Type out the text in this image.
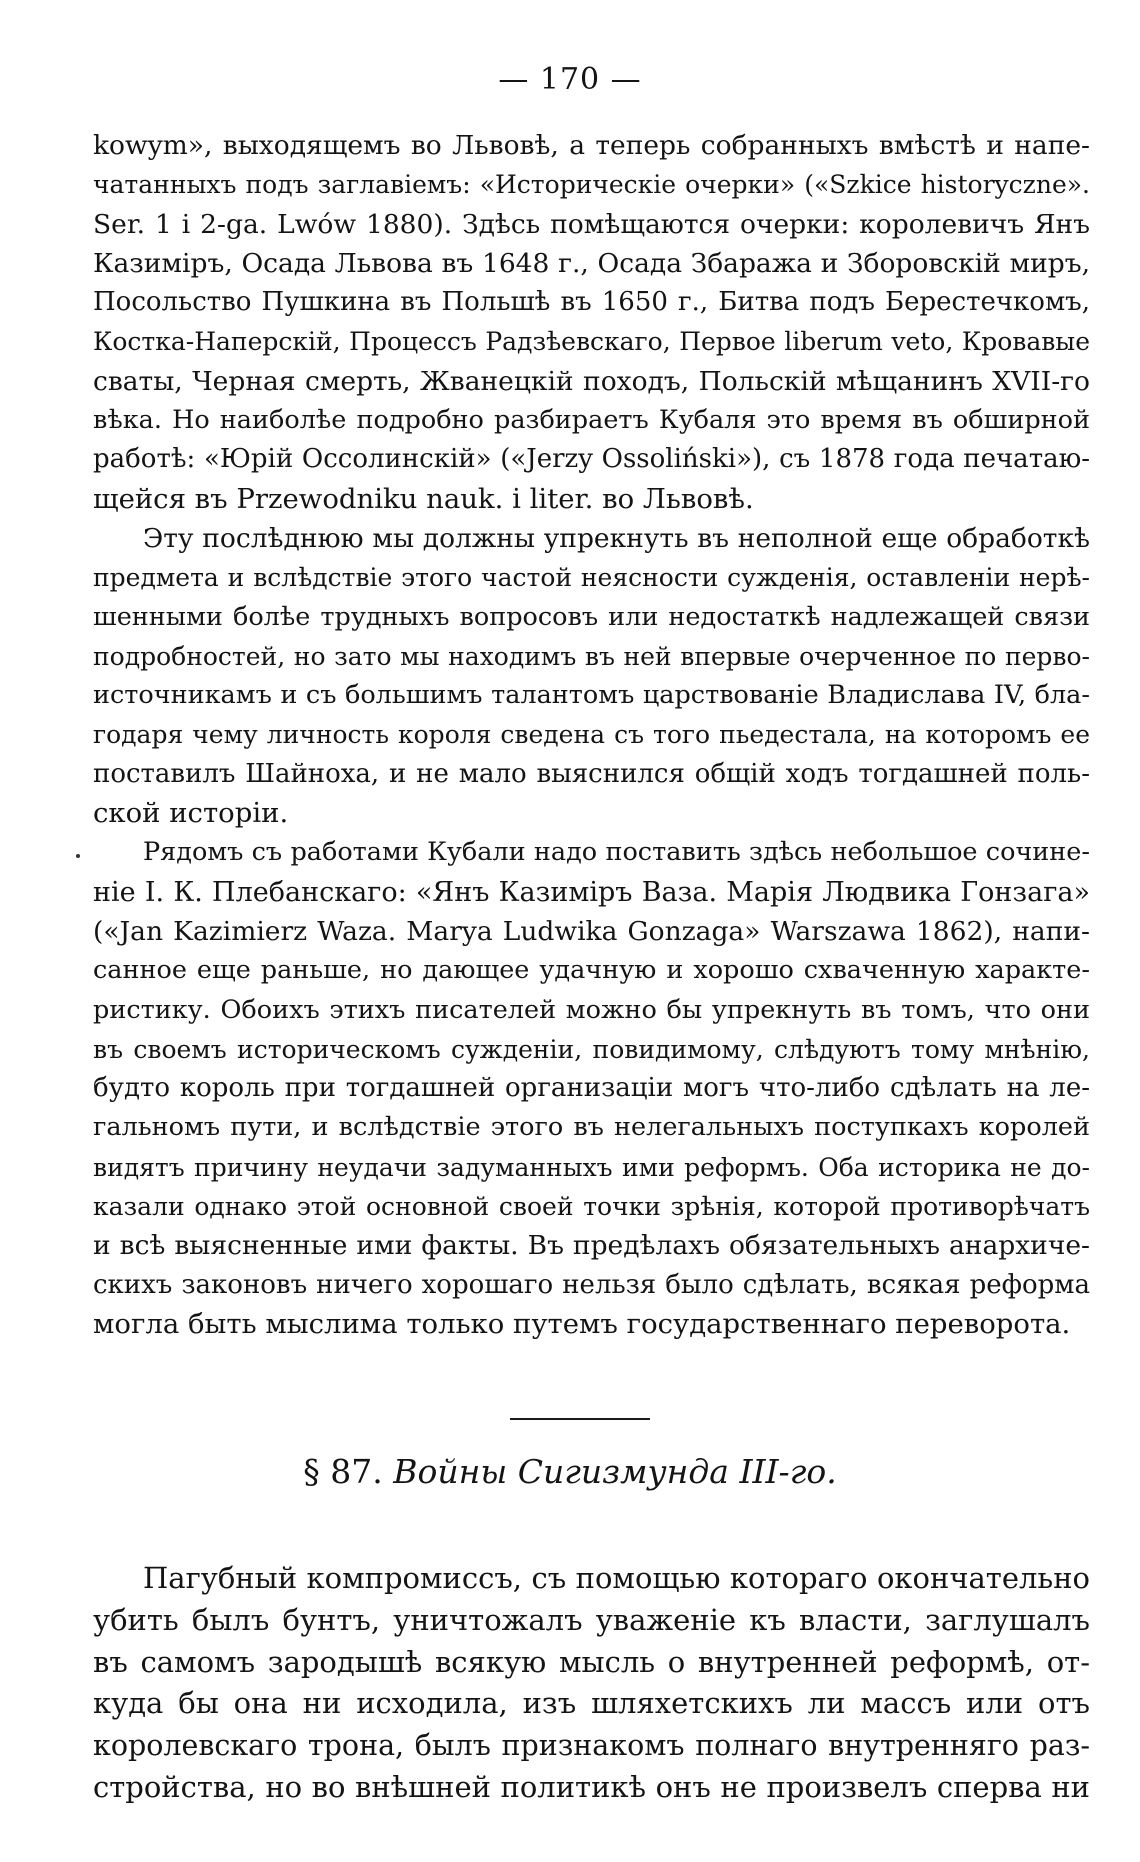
— 170 —
kowym», выходящемъ во Львовѣ, а теперь собранныхъ вмѣстѣ и напе-
чатанныхъ подъ заглавіемъ: «Историческіе очерки» («Szkice historyczne».
Ser. 1 i 2-ga. Lwów 1880). Здѣсь помѣщаются очерки: королевичъ Янъ
Казиміръ, Осада Львова въ 1648 г., Осада Збаража и Зборовскій миръ,
Посольство Пушкина въ Польшѣ въ 1650 г., Битва подъ Берестечкомъ,
Костка-Наперскій, Процессъ Радзѣевскаго, Первое liberum veto, Кровавые
сваты, Черная смерть, Жванецкій походъ, Польскій мѣщанинъ XVII-го
вѣка. Но наиболѣе подробно разбираетъ Кубаля это время въ обширной
работѣ: «Юрій Оссолинскій» («Jerzy Ossoliński»), съ 1878 года печатаю-
щейся въ Przewodniku nauk. i liter. во Львовѣ.
Эту послѣднюю мы должны упрекнуть въ неполной еще обработкѣ
предмета и вслѣдствіе этого частой неясности сужденія, оставленіи нерѣ-
шенными болѣе трудныхъ вопросовъ или недостаткѣ надлежащей связи
подробностей, но зато мы находимъ въ ней впервые очерченное по перво-
источникамъ и съ большимъ талантомъ царствованіе Владислава IV, бла-
годаря чему личность короля сведена съ того пьедестала, на которомъ ее
поставилъ Шайноха, и не мало выяснился общій ходъ тогдашней поль-
ской исторіи.
Рядомъ съ работами Кубали надо поставить здѣсь небольшое сочине-
ніе І. К. Плебанскаго: «Янъ Казиміръ Ваза. Марія Людвика Гонзага»
(«Jan Kazimierz Waza. Marya Ludwika Gonzaga» Warszawa 1862), напи-
санное еще раньше, но дающее удачную и хорошо схваченную характе-
ристику. Обоихъ этихъ писателей можно бы упрекнуть въ томъ, что они
въ своемъ историческомъ сужденіи, повидимому, слѣдуютъ тому мнѣнію,
будто король при тогдашней организаціи могъ что-либо сдѣлать на ле-
гальномъ пути, и вслѣдствіе этого въ нелегальныхъ поступкахъ королей
видятъ причину неудачи задуманныхъ ими реформъ. Оба историка не до-
казали однако этой основной своей точки зрѣнія, которой противорѣчатъ
и всѣ выясненные ими факты. Въ предѣлахъ обязательныхъ анархиче-
скихъ законовъ ничего хорошаго нельзя было сдѣлать, всякая реформа
могла быть мыслима только путемъ государственнаго переворота.
§ 87. Войны Сигизмунда III-го.
Пагубный компромиссъ, съ помощью котораго окончательно
убить былъ бунтъ, уничтожалъ уваженіе къ власти, заглушалъ
въ самомъ зародышѣ всякую мысль о внутренней реформѣ, от-
куда бы она ни исходила, изъ шляхетскихъ ли массъ или отъ
королевскаго трона, былъ признакомъ полнаго внутренняго раз-
стройства, но во внѣшней политикѣ онъ не произвелъ сперва ни
